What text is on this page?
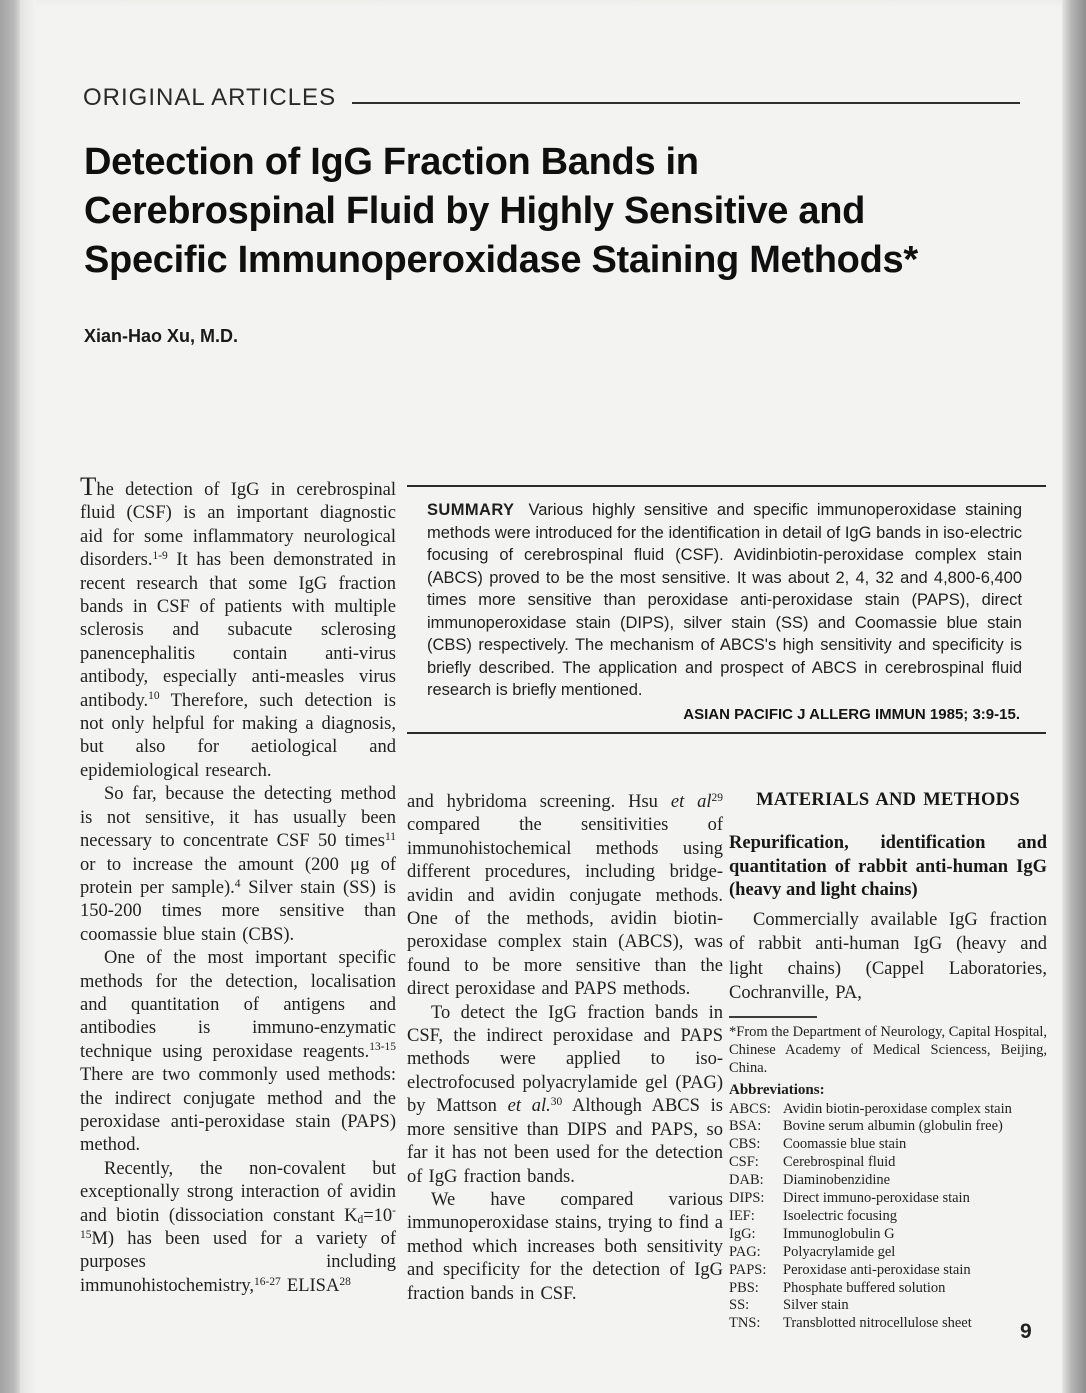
ORIGINAL ARTICLES
Detection of IgG Fraction Bands in
Cerebrospinal Fluid by Highly Sensitive and
Specific Immunoperoxidase Staining Methods*
Xian-Hao Xu, M.D.
SUMMARY Various highly sensitive and specific immunoperoxidase staining methods were introduced for the identification in detail of IgG bands in iso-electric focusing of cerebrospinal fluid (CSF). Avidinbiotin-peroxidase complex stain (ABCS) proved to be the most sensitive. It was about 2, 4, 32 and 4,800-6,400 times more sensitive than peroxidase anti-peroxidase stain (PAPS), direct immunoperoxidase stain (DIPS), silver stain (SS) and Coomassie blue stain (CBS) respectively. The mechanism of ABCS's high sensitivity and specificity is briefly described. The application and prospect of ABCS in cerebrospinal fluid research is briefly mentioned.
ASIAN PACIFIC J ALLERG IMMUN 1985; 3:9-15.

The detection of IgG in cerebrospinal fluid (CSF) is an important diagnostic aid for some inflammatory neurological disorders.$^{1-9}$ It has been demonstrated in recent research that some IgG fraction bands in CSF of patients with multiple sclerosis and subacute sclerosing panencephalitis contain anti-virus antibody, especially anti-measles virus antibody.$^{10}$ Therefore, such detection is not only helpful for making a diagnosis, but also for aetiological and epidemiological research.

So far, because the detecting method is not sensitive, it has usually been necessary to concentrate CSF 50 times$^{11}$ or to increase the amount (200 μg of protein per sample).$^4$ Silver stain (SS) is 150-200 times more sensitive than coomassie blue stain (CBS).

One of the most important specific methods for the detection, localisation and quantitation of antigens and antibodies is immuno-enzymatic technique using peroxidase reagents.$^{13-15}$ There are two commonly used methods: the indirect conjugate method and the peroxidase anti-peroxidase stain (PAPS) method.

Recently, the non-covalent but exceptionally strong interaction of avidin and biotin (dissociation constant $K_d=10^{-15}M$) has been used for a variety of purposes including immunohistochemistry,$^{16-27}$ ELISA$^{28}$

and hybridoma screening. Hsu et $al^{29}$ compared the sensitivities of immunohistochemical methods using different procedures, including bridge-avidin and avidin conjugate methods. One of the methods, avidin biotin-peroxidase complex stain (ABCS), was found to be more sensitive than the direct peroxidase and PAPS methods.

To detect the IgG fraction bands in CSF, the indirect peroxidase and PAPS methods were applied to iso-electrofocused polyacrylamide gel (PAG) by Mattson et al.$^{30}$ Although ABCS is more sensitive than DIPS and PAPS, so far it has not been used for the detection of IgG fraction bands.

We have compared various immunoperoxidase stains, trying to find a method which increases both sensitivity and specificity for the detection of IgG fraction bands in CSF.

MATERIALS AND METHODS
Repurification, identification and quantitation of rabbit anti-human IgG (heavy and light chains)

Commercially available IgG fraction of rabbit anti-human IgG (heavy and light chains) (Cappel Laboratories, Cochranville, PA,

*From the Department of Neurology, Capital Hospital, Chinese Academy of Medical Sciencess, Beijing, China.

Abbreviations:
ABCS: Avidin biotin-peroxidase complex stain
BSA:	Bovine serum albumin (globulin free)
CBS:	Coomassie blue stain
CSF:	Cerebrospinal fluid
DAB:	Diaminobenzidine
DIPS:	Direct immuno-peroxidase stain
IEF:	Isoelectric focusing
IgG:	Immunoglobulin G
PAG:	Polyacrylamide gel
PAPS:	Peroxidase anti-peroxidase stain
PBS:	Phosphate buffered solution
SS:	Silver stain
TNS:	Transblotted nitrocellulose sheet	9
